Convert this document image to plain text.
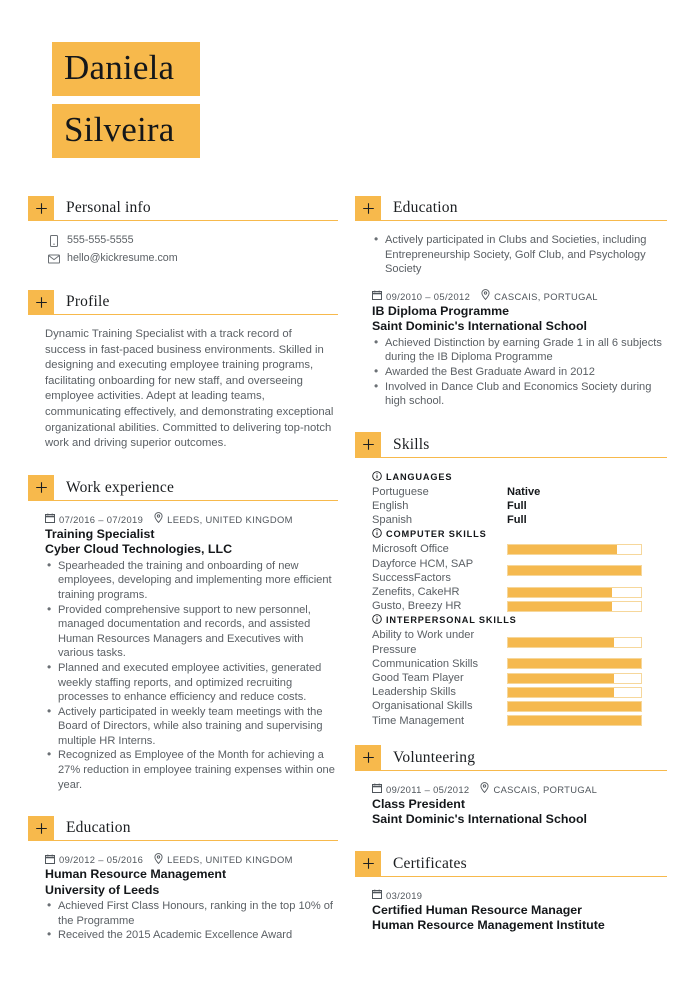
Daniela
Silveira
Personal info
555-555-5555
hello@kickresume.com
Profile
Dynamic Training Specialist with a track record of success in fast-paced business environments. Skilled in designing and executing employee training programs, facilitating onboarding for new staff, and overseeing employee activities. Adept at leading teams, communicating effectively, and demonstrating exceptional organizational abilities. Committed to delivering top-notch work and driving superior outcomes.
Work experience
07/2016 – 07/2019	LEEDS, UNITED KINGDOM
Training Specialist
Cyber Cloud Technologies, LLC
• Spearheaded the training and onboarding of new employees, developing and implementing more efficient training programs.
• Provided comprehensive support to new personnel, managed documentation and records, and assisted Human Resources Managers and Executives with various tasks.
• Planned and executed employee activities, generated weekly staffing reports, and optimized recruiting processes to enhance efficiency and reduce costs.
• Actively participated in weekly team meetings with the Board of Directors, while also training and supervising multiple HR Interns.
• Recognized as Employee of the Month for achieving a 27% reduction in employee training expenses within one year.
Education
09/2012 – 05/2016	LEEDS, UNITED KINGDOM
Human Resource Management
University of Leeds
• Achieved First Class Honours, ranking in the top 10% of the Programme
• Received the 2015 Academic Excellence Award
Education
• Actively participated in Clubs and Societies, including Entrepreneurship Society, Golf Club, and Psychology Society
09/2010 – 05/2012	CASCAIS, PORTUGAL
IB Diploma Programme
Saint Dominic's International School
• Achieved Distinction by earning Grade 1 in all 6 subjects during the IB Diploma Programme
• Awarded the Best Graduate Award in 2012
• Involved in Dance Club and Economics Society during high school.
Skills
LANGUAGES
Portuguese	Native
English	Full
Spanish	Full
COMPUTER SKILLS
Microsoft Office
Dayforce HCM, SAP SuccessFactors
Zenefits, CakeHR
Gusto, Breezy HR
INTERPERSONAL SKILLS
Ability to Work under Pressure
Communication Skills
Good Team Player
Leadership Skills
Organisational Skills
Time Management
Volunteering
09/2011 – 05/2012	CASCAIS, PORTUGAL
Class President
Saint Dominic's International School
Certificates
03/2019
Certified Human Resource Manager
Human Resource Management Institute
